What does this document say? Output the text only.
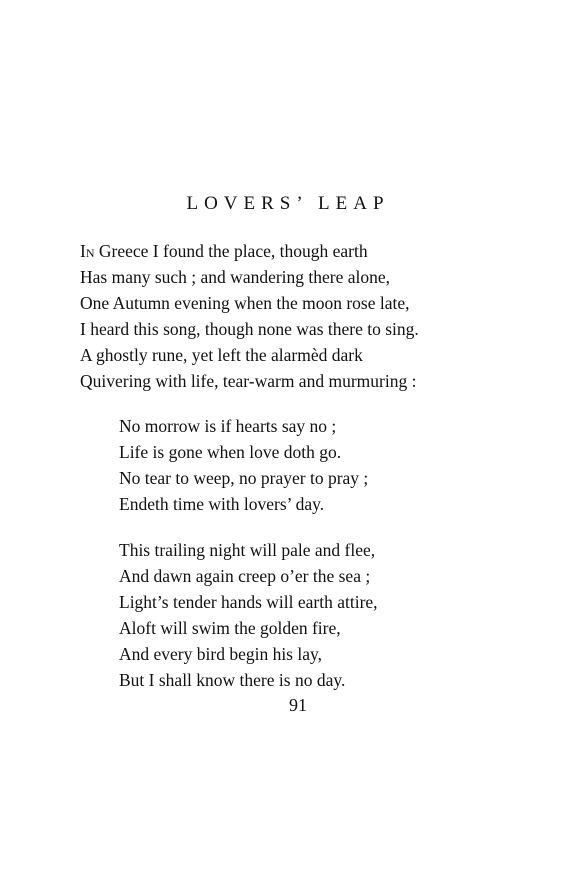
LOVERS’ LEAP
In Greece I found the place, though earth
Has many such ; and wandering there alone,
One Autumn evening when the moon rose late,
I heard this song, though none was there to sing.
A ghostly rune, yet left the alarmèd dark
Quivering with life, tear-warm and murmuring :
No morrow is if hearts say no ;
Life is gone when love doth go.
No tear to weep, no prayer to pray ;
Endeth time with lovers’ day.
This trailing night will pale and flee,
And dawn again creep o’er the sea ;
Light’s tender hands will earth attire,
Aloft will swim the golden fire,
And every bird begin his lay,
But I shall know there is no day.
91
